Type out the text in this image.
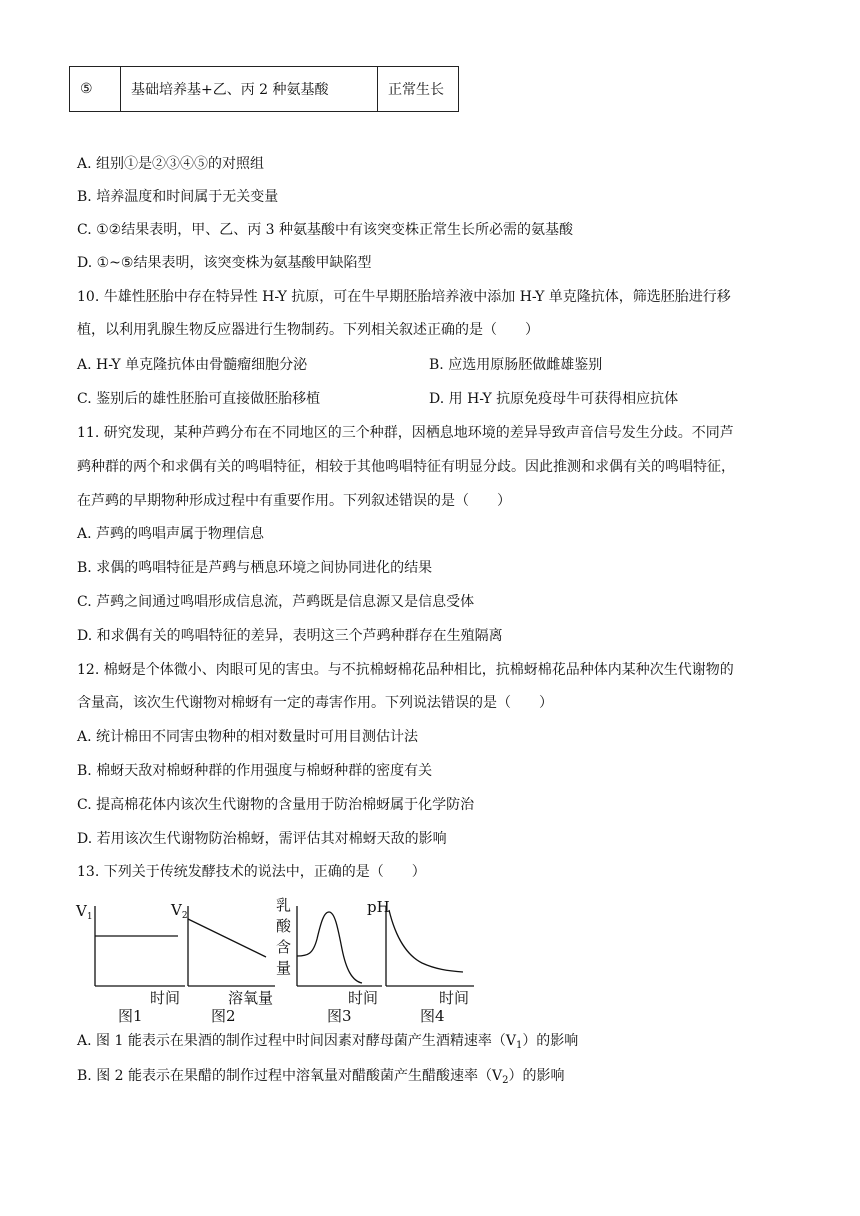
⑤	基础培养基+乙、丙 2 种氨基酸	正常生长
A. 组别①是②③④⑤的对照组
B. 培养温度和时间属于无关变量
C. ①②结果表明，甲、乙、丙 3 种氨基酸中有该突变株正常生长所必需的氨基酸
D. ①~⑤结果表明，该突变株为氨基酸甲缺陷型
10. 牛雄性胚胎中存在特异性 H-Y 抗原，可在牛早期胚胎培养液中添加 H-Y 单克隆抗体，筛选胚胎进行移
植，以利用乳腺生物反应器进行生物制药。下列相关叙述正确的是（　　）
A. H-Y 单克隆抗体由骨髓瘤细胞分泌	B. 应选用原肠胚做雌雄鉴别
C. 鉴别后的雄性胚胎可直接做胚胎移植	D. 用 H-Y 抗原免疫母牛可获得相应抗体
11. 研究发现，某种芦鹀分布在不同地区的三个种群，因栖息地环境的差异导致声音信号发生分歧。不同芦
鹀种群的两个和求偶有关的鸣唱特征，相较于其他鸣唱特征有明显分歧。因此推测和求偶有关的鸣唱特征，
在芦鹀的早期物种形成过程中有重要作用。下列叙述错误的是（　　）
A. 芦鹀的鸣唱声属于物理信息
B. 求偶的鸣唱特征是芦鹀与栖息环境之间协同进化的结果
C. 芦鹀之间通过鸣唱形成信息流，芦鹀既是信息源又是信息受体
D. 和求偶有关的鸣唱特征的差异，表明这三个芦鹀种群存在生殖隔离
12. 棉蚜是个体微小、肉眼可见的害虫。与不抗棉蚜棉花品种相比，抗棉蚜棉花品种体内某种次生代谢物的
含量高，该次生代谢物对棉蚜有一定的毒害作用。下列说法错误的是（　　）
A. 统计棉田不同害虫物种的相对数量时可用目测估计法
B. 棉蚜天敌对棉蚜种群的作用强度与棉蚜种群的密度有关
C. 提高棉花体内该次生代谢物的含量用于防治棉蚜属于化学防治
D. 若用该次生代谢物防治棉蚜，需评估其对棉蚜天敌的影响
13. 下列关于传统发酵技术的说法中，正确的是（　　）
$V_1$
时间
图1
$V_2$
溶氧量
图2
乳
酸
含
量
时间
图3
pH
时间
图4
A. 图 1 能表示在果酒的制作过程中时间因素对酵母菌产生酒精速率$(V_1)$的影响
B. 图 2 能表示在果醋的制作过程中溶氧量对醋酸菌产生醋酸速率$(V_2)$的影响
